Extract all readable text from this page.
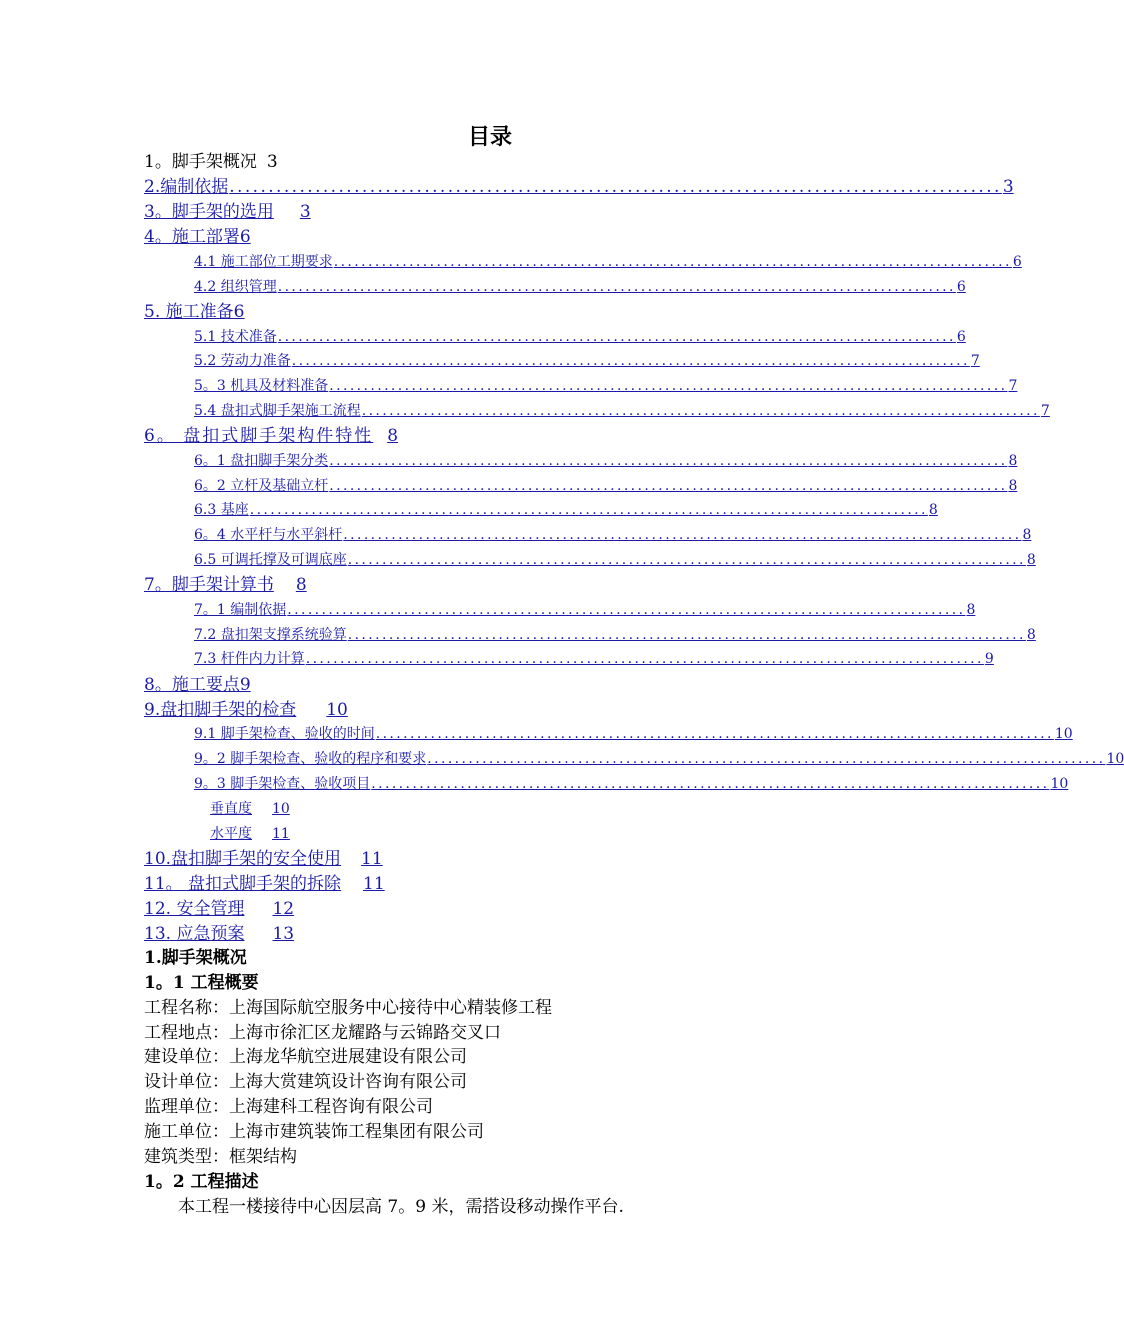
目录
1。脚手架概况 3
2.编制依据 ................................................................................................... 3
3。脚手架的选用 3
4。施工部署 6
4.1 施工部位工期要求 ................................................................................................... 6
4.2 组织管理 ................................................................................................... 6
5. 施工准备 6
5.1 技术准备 ................................................................................................... 6
5.2 劳动力准备 ................................................................................................... 7
5。3 机具及材料准备 ................................................................................................... 7
5.4 盘扣式脚手架施工流程 ................................................................................................... 7
6。 盘扣式脚手架构件特性 8
6。1 盘扣脚手架分类 ................................................................................................... 8
6。2 立杆及基础立杆 ................................................................................................... 8
6.3 基座 ................................................................................................... 8
6。4 水平杆与水平斜杆 ................................................................................................... 8
6.5 可调托撑及可调底座 ................................................................................................... 8
7。脚手架计算书 8
7。1 编制依据 ................................................................................................... 8
7.2 盘扣架支撑系统验算 ................................................................................................... 8
7.3 杆件内力计算 ................................................................................................... 9
8。施工要点 9
9.盘扣脚手架的检查 10
9.1 脚手架检查、验收的时间 ................................................................................................... 10
9。2 脚手架检查、验收的程序和要求 ................................................................................................... 10
9。3 脚手架检查、验收项目 ................................................................................................... 10
垂直度 10
水平度 11
10.盘扣脚手架的安全使用 11
11。 盘扣式脚手架的拆除 11
12. 安全管理 12
13. 应急预案 13
1.脚手架概况
1。1 工程概要
工程名称：上海国际航空服务中心接待中心精装修工程
工程地点：上海市徐汇区龙耀路与云锦路交叉口
建设单位：上海龙华航空进展建设有限公司
设计单位：上海大赏建筑设计咨询有限公司
监理单位：上海建科工程咨询有限公司
施工单位：上海市建筑装饰工程集团有限公司
建筑类型：框架结构
1。2 工程描述
本工程一楼接待中心因层高 7。9 米，需搭设移动操作平台.
